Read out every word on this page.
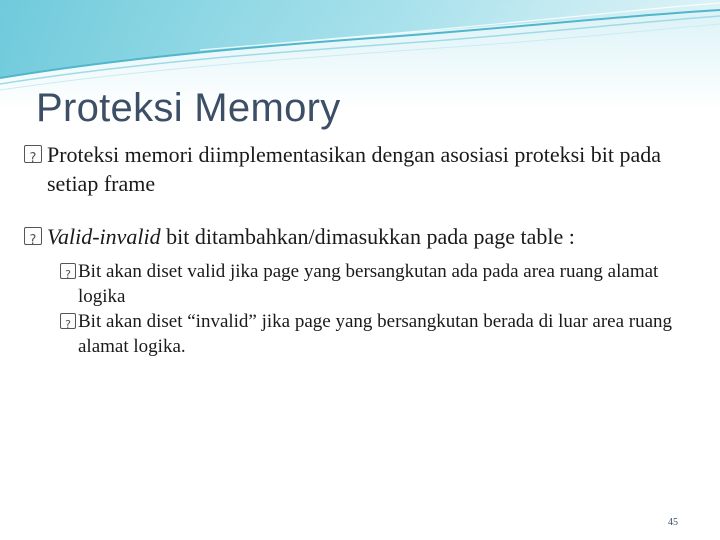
Proteksi Memory

?
Proteksi memori diimplementasikan dengan asosiasi proteksi bit pada setiap frame

?
Valid-invalid bit ditambahkan/dimasukkan pada page table :

?
Bit akan diset valid jika page yang bersangkutan ada pada area ruang alamat logika

?
Bit akan diset “invalid” jika page yang bersangkutan berada di luar area ruang alamat logika.

45
